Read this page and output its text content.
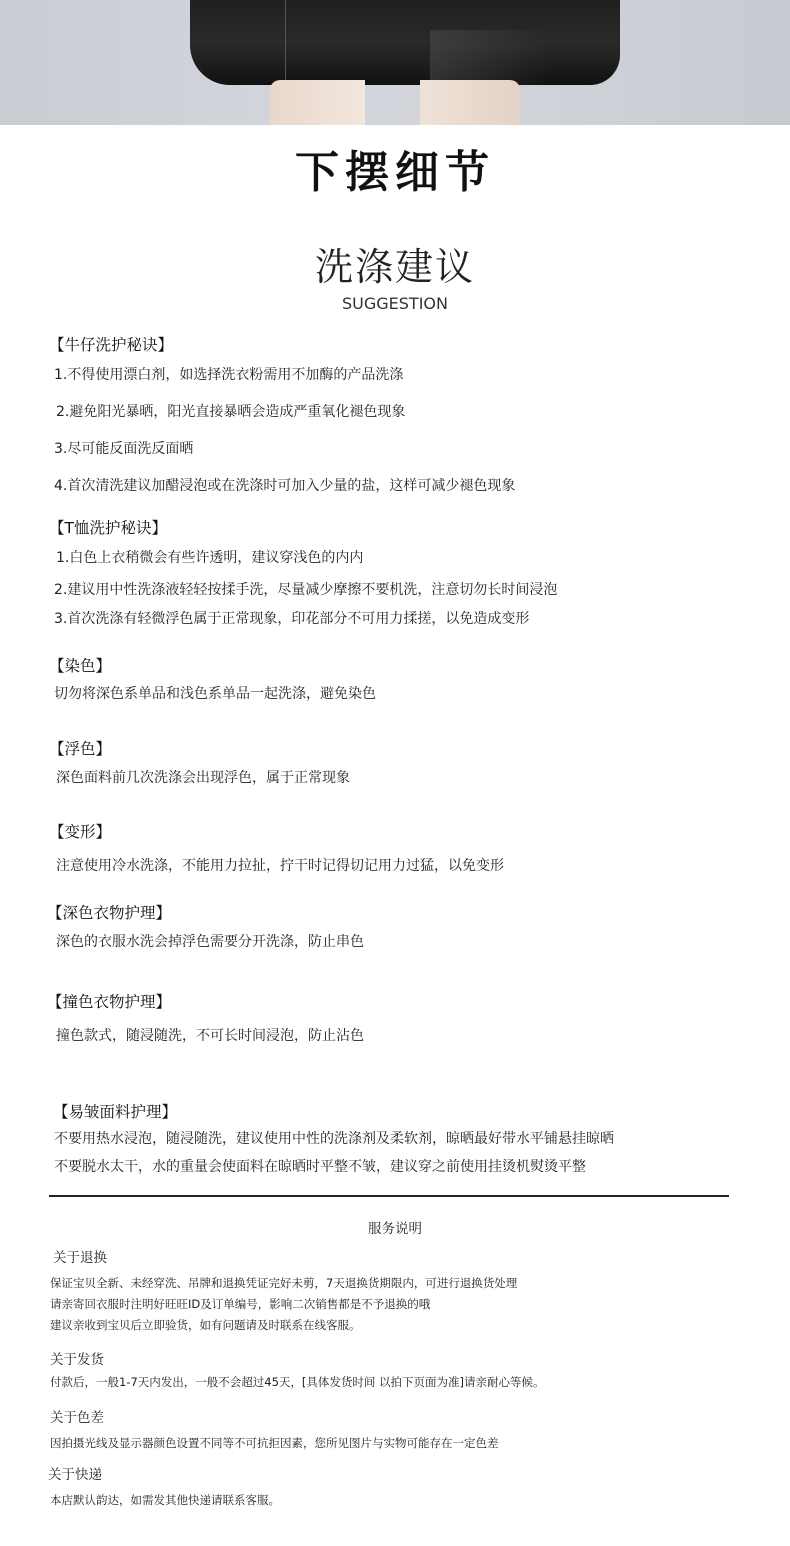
下摆细节
洗涤建议
SUGGESTION
【牛仔洗护秘诀】
1.不得使用漂白剂，如选择洗衣粉需用不加酶的产品洗涤
2.避免阳光暴晒，阳光直接暴晒会造成严重氧化褪色现象
3.尽可能反面洗反面晒
4.首次清洗建议加醋浸泡或在洗涤时可加入少量的盐，这样可减少褪色现象
【T恤洗护秘诀】
1.白色上衣稍微会有些许透明，建议穿浅色的内内
2.建议用中性洗涤液轻轻按揉手洗，尽量减少摩擦不要机洗，注意切勿长时间浸泡
3.首次洗涤有轻微浮色属于正常现象，印花部分不可用力揉搓，以免造成变形
【染色】
切勿将深色系单品和浅色系单品一起洗涤，避免染色
【浮色】
深色面料前几次洗涤会出现浮色，属于正常现象
【变形】
注意使用冷水洗涤，不能用力拉扯，拧干时记得切记用力过猛，以免变形
【深色衣物护理】
深色的衣服水洗会掉浮色需要分开洗涤，防止串色
【撞色衣物护理】
撞色款式，随浸随洗，不可长时间浸泡，防止沾色
【易皱面料护理】
不要用热水浸泡，随浸随洗，建议使用中性的洗涤剂及柔软剂，晾晒最好带水平铺悬挂晾晒
不要脱水太干，水的重量会使面料在晾晒时平整不皱，建议穿之前使用挂烫机熨烫平整
服务说明
关于退换
保证宝贝全新、未经穿洗、吊牌和退换凭证完好未剪，7天退换货期限内，可进行退换货处理
请亲寄回衣服时注明好旺旺ID及订单编号，影响二次销售都是不予退换的哦
建议亲收到宝贝后立即验货，如有问题请及时联系在线客服。
关于发货
付款后，一般1-7天内发出，一般不会超过45天，[具体发货时间 以拍下页面为准]请亲耐心等候。
关于色差
因拍摄光线及显示器颜色设置不同等不可抗拒因素，您所见图片与实物可能存在一定色差
关于快递
本店默认韵达，如需发其他快递请联系客服。
